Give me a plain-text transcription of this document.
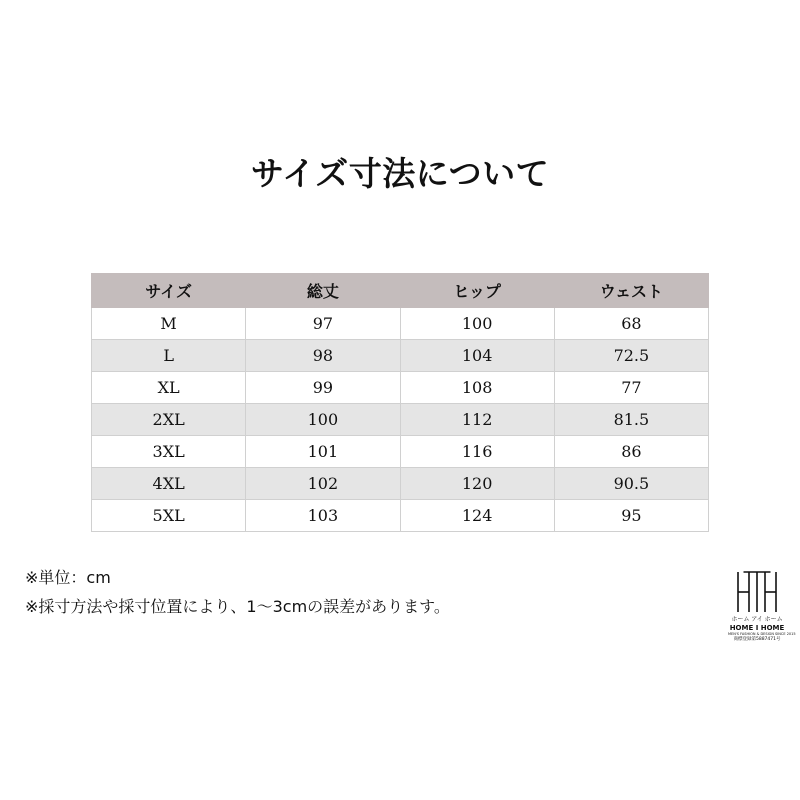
サイズ寸法について
サイズ	総丈	ヒップ	ウェスト
M	97	100	68
L	98	104	72.5
XL	99	108	77
2XL	100	112	81.5
3XL	101	116	86
4XL	102	120	90.5
5XL	103	124	95
※単位：cm
※採寸方法や採寸位置により、1～3cmの誤差があります。
ホーム アイ ホーム
HOME I HOME
MEN'S FASHION & DESIGN SINCE 2015
商標登録第5887471号
